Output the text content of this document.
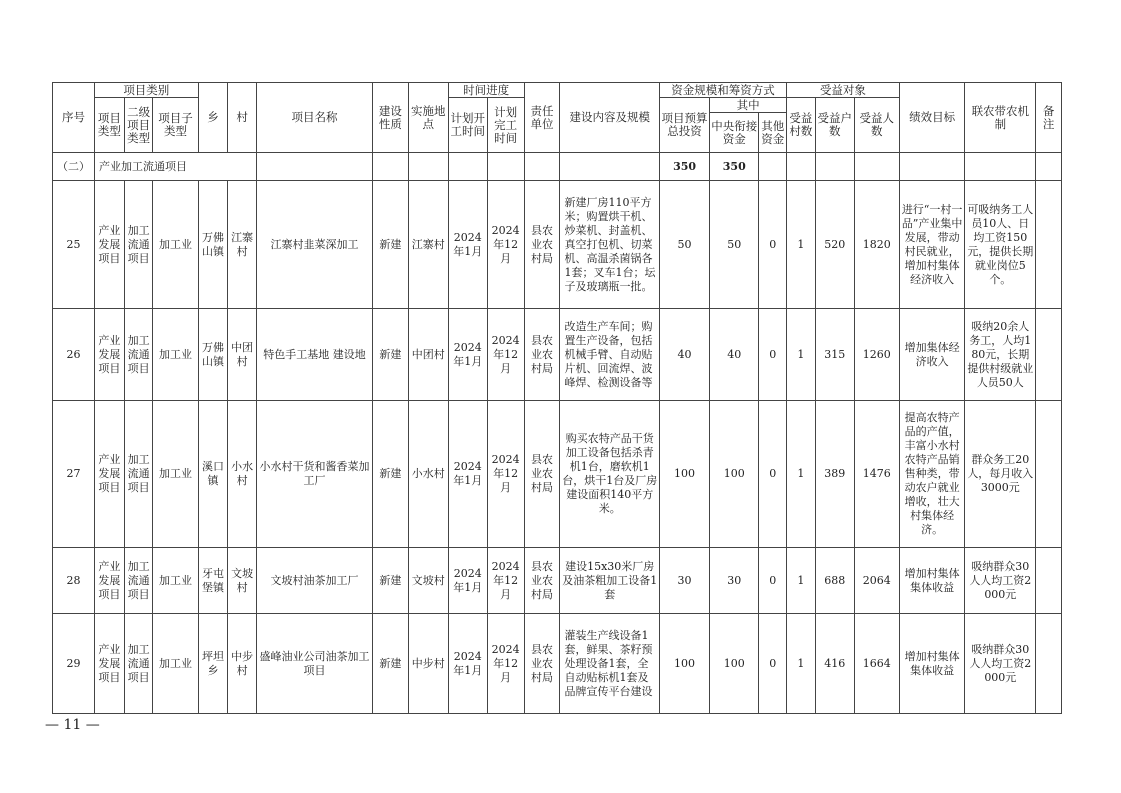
序号	项目类别			乡	村	项目名称	建设性质	实施地点	时间进度		责任单位	建设内容及规模	资金规模和筹资方式			受益对象			绩效目标	联农带农机制	备注
	项目类型	二级项目类型	项目子类型						计划开工时间	计划完工时间			项目预算总投资	其中		受益村数	受益户数	受益人数			
														中央衔接资金	其他资金						
（二）	产业加工流通项目												350	350							
25	产业发展项目	加工流通项目	加工业	万佛山镇	江寨村	江寨村韭菜深加工	新建	江寨村	2024年1月	2024年12月	县农业农村局	新建厂房110平方米；购置烘干机、炒菜机、封盖机、真空打包机、切菜机、高温杀菌锅各1套；叉车1台；坛子及玻璃瓶一批。	50	50	0	1	520	1820	进行“一村一品”产业集中发展，带动村民就业，增加村集体经济收入	可吸纳务工人员10人、日均工资150元，提供长期就业岗位5个。	
26	产业发展项目	加工流通项目	加工业	万佛山镇	中团村	特色手工基地 建设地	新建	中团村	2024年1月	2024年12月	县农业农村局	改造生产车间；购置生产设备，包括机械手臂、自动贴片机、回流焊、波峰焊、检测设备等	40	40	0	1	315	1260	增加集体经济收入	吸纳20余人务工，人均180元，长期提供村级就业人员50人	
27	产业发展项目	加工流通项目	加工业	溪口镇	小水村	小水村干货和酱香菜加工厂	新建	小水村	2024年1月	2024年12月	县农业农村局	购买农特产品干货加工设备包括杀青机1台，磨软机1台，烘干1台及厂房建设面积140平方米。	100	100	0	1	389	1476	提高农特产品的产值，丰富小水村农特产品销售种类，带动农户就业增收，壮大村集体经济。	群众务工20人，每月收入3000元	
28	产业发展项目	加工流通项目	加工业	牙屯堡镇	文坡村	文坡村油茶加工厂	新建	文坡村	2024年1月	2024年12月	县农业农村局	建设15x30米厂房及油茶粗加工设备1套	30	30	0	1	688	2064	增加村集体集体收益	吸纳群众30人人均工资2000元	
29	产业发展项目	加工流通项目	加工业	坪坦乡	中步村	盛峰油业公司油茶加工项目	新建	中步村	2024年1月	2024年12月	县农业农村局	灌装生产线设备1套，鲜果、茶籽预处理设备1套，全自动贴标机1套及品牌宣传平台建设	100	100	0	1	416	1664	增加村集体集体收益	吸纳群众30人人均工资2000元	
— 11 —
